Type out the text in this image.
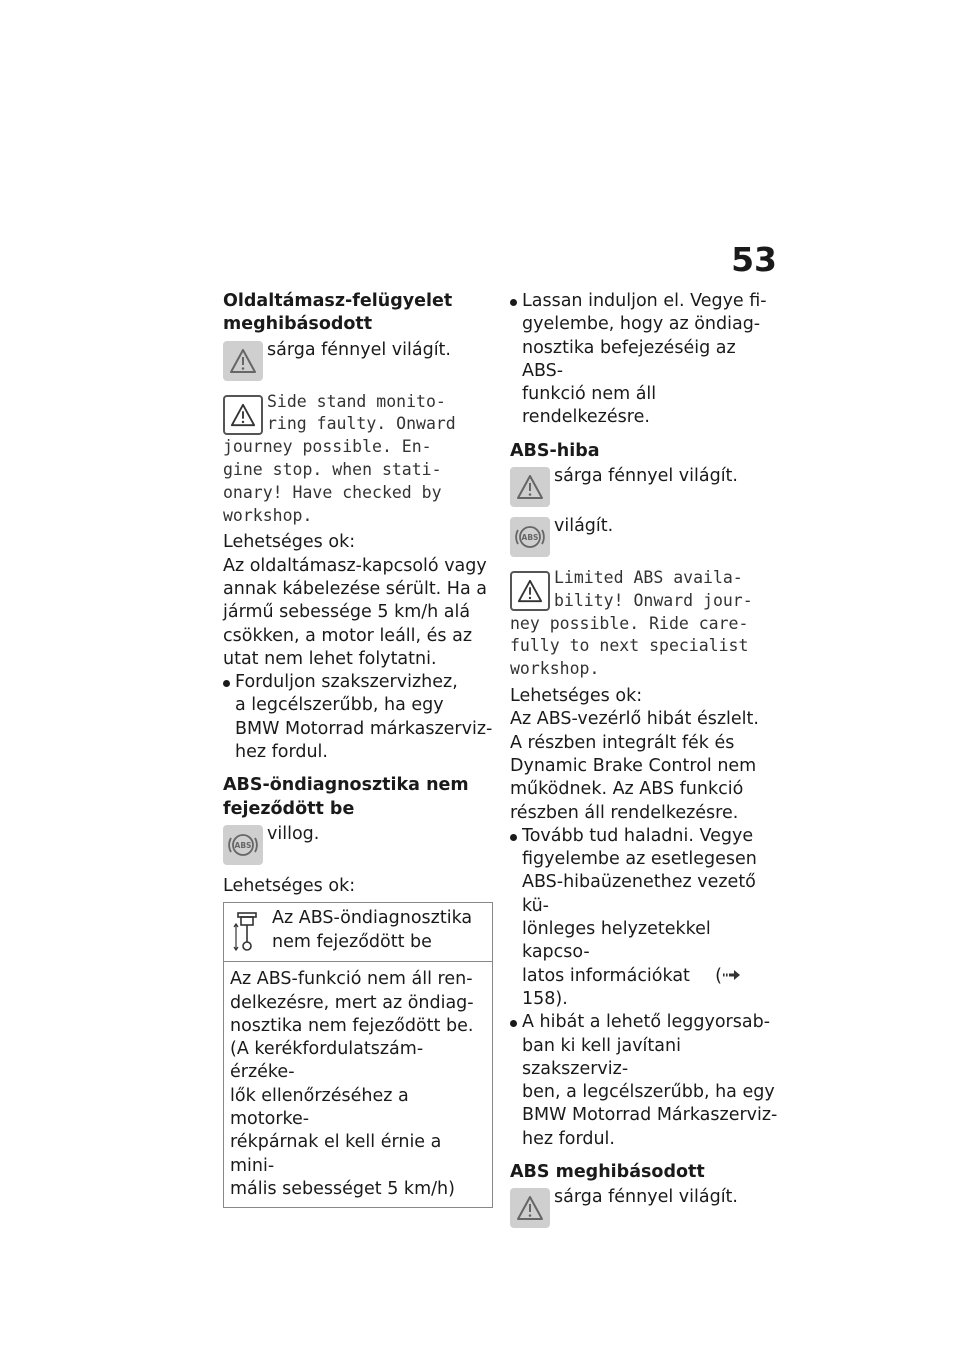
53
Oldaltámasz-felügyelet
meghibásodott
sárga fénnyel világít.
Side stand monito-
ring faulty. Onward
journey possible. En-
gine stop. when stati-
onary! Have checked by
workshop.
Lehetséges ok:
Az oldaltámasz-kapcsoló vagy
annak kábelezése sérült. Ha a
jármű sebessége 5 km/h alá
csökken, a motor leáll, és az
utat nem lehet folytatni.
Forduljon szakszervizhez,
a legcélszerűbb, ha egy
BMW Motorrad márkaszerviz-
hez fordul.
ABS-öndiagnosztika nem
fejeződött be
ABS
villog.
Lehetséges ok:
Az ABS-öndiagnosztika
nem fejeződött be
Az ABS-funkció nem áll ren-
delkezésre, mert az öndiag-
nosztika nem fejeződött be.
(A kerékfordulatszám-érzéke-
lők ellenőrzéséhez a motorke-
rékpárnak el kell érnie a mini-
mális sebességet 5 km/h)
Lassan induljon el. Vegye fi-
gyelembe, hogy az öndiag-
nosztika befejezéséig az ABS-
funkció nem áll rendelkezésre.
ABS-hiba
sárga fénnyel világít.
ABS
világít.
Limited ABS availa-
bility! Onward jour-
ney possible. Ride care-
fully to next specialist
workshop.
Lehetséges ok:
Az ABS-vezérlő hibát észlelt.
A részben integrált fék és
Dynamic Brake Control nem
működnek. Az ABS funkció
részben áll rendelkezésre.
Tovább tud haladni. Vegye
figyelembe az esetlegesen
ABS-hibaüzenethez vezető kü-
lönleges helyzetekkel kapcso-
latos információkat ( 158).
A hibát a lehető leggyorsab-
ban ki kell javítani szakszerviz-
ben, a legcélszerűbb, ha egy
BMW Motorrad Márkaszerviz-
hez fordul.
ABS meghibásodott
sárga fénnyel világít.
